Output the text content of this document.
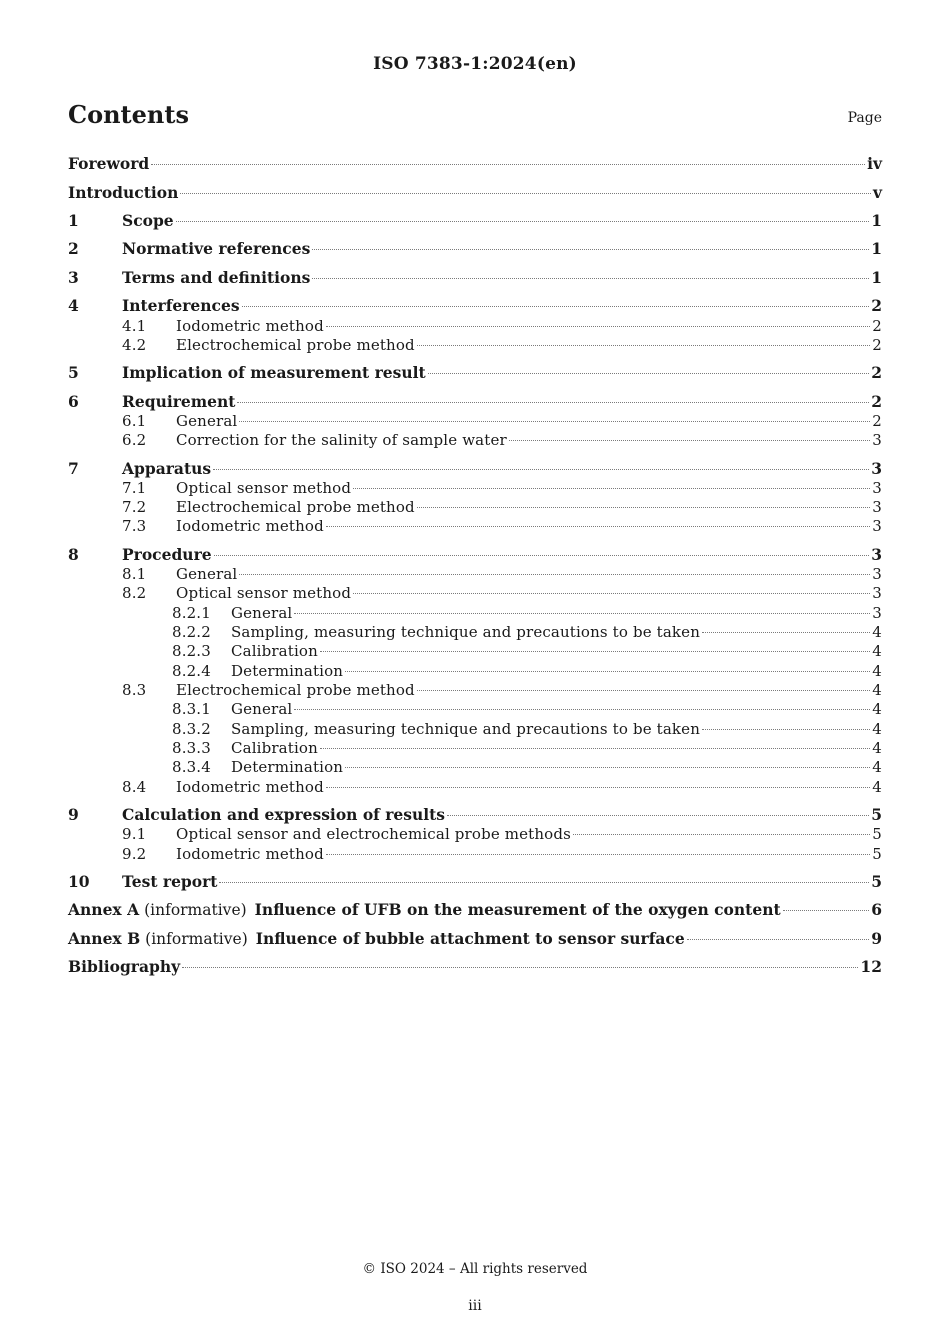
ISO 7383-1:2024(en)
Contents	Page
Foreword	iv
Introduction	v
1	Scope	1
2	Normative references	1
3	Terms and definitions	1
4	Interferences	2
4.1	Iodometric method	2
4.2	Electrochemical probe method	2
5	Implication of measurement result	2
6	Requirement	2
6.1	General	2
6.2	Correction for the salinity of sample water	3
7	Apparatus	3
7.1	Optical sensor method	3
7.2	Electrochemical probe method	3
7.3	Iodometric method	3
8	Procedure	3
8.1	General	3
8.2	Optical sensor method	3
8.2.1	General	3
8.2.2	Sampling, measuring technique and precautions to be taken	4
8.2.3	Calibration	4
8.2.4	Determination	4
8.3	Electrochemical probe method	4
8.3.1	General	4
8.3.2	Sampling, measuring technique and precautions to be taken	4
8.3.3	Calibration	4
8.3.4	Determination	4
8.4	Iodometric method	4
9	Calculation and expression of results	5
9.1	Optical sensor and electrochemical probe methods	5
9.2	Iodometric method	5
10	Test report	5
Annex A (informative) Influence of UFB on the measurement of the oxygen content	6
Annex B (informative) Influence of bubble attachment to sensor surface	9
Bibliography	12
© ISO 2024 – All rights reserved
iii
